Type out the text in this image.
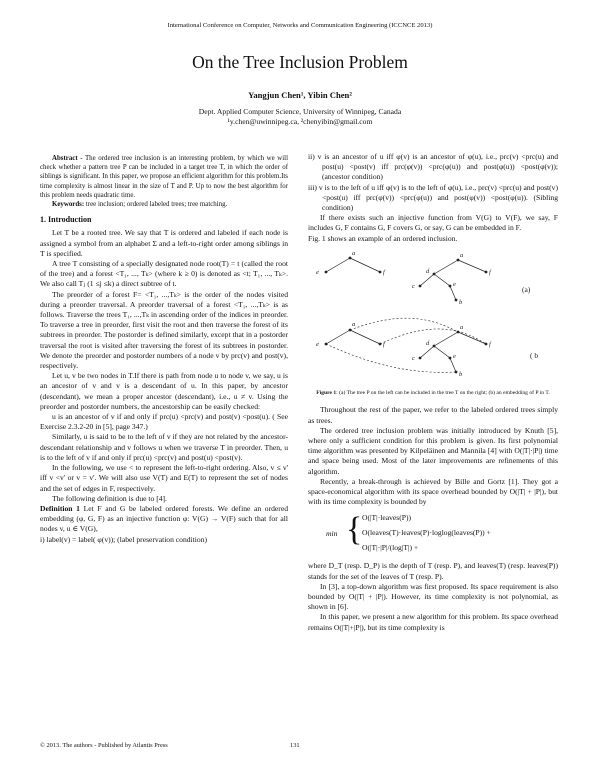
International Conference on Computer, Networks and Communication Engineering (ICCNCE 2013)
On the Tree Inclusion Problem
Yangjun Chen¹, Yibin Chen²
Dept. Applied Computer Science, University of Winnipeg, Canada
¹y.chen@uwinnipeg.ca, ²chenyibin@gmail.com

Abstract - The ordered tree inclusion is an interesting problem, by which we will check whether a pattern tree P can be included in a target tree T, in which the order of siblings is significant. In this paper, we propose an efficient algorithm for this problem.Its time complexity is almost linear in the size of T and P. Up to now the best algorithm for this problem needs quadratic time.

Keywords: tree inclusion; ordered labeled trees; tree matching.

1. Introduction

Let T be a rooted tree. We say that T is ordered and labeled if each node is assigned a symbol from an alphabet Σ and a left-to-right order among siblings in T is specified.

A tree T consisting of a specially designated node root(T) = t (called the root of the tree) and a forest <T₁, ..., Tₖ> (where k ≥ 0) is denoted as <t; T₁, ..., Tₖ>. We also call Tⱼ (1 ≤j ≤k) a direct subtree of t.

The preorder of a forest F= <T₁, ...,Tₖ> is the order of the nodes visited during a preorder traversal. A preorder traversal of a forest <T₁, ...,Tₖ> is as follows. Traverse the trees T₁, ...,Tₖ in ascending order of the indices in preorder. To traverse a tree in preorder, first visit the root and then traverse the forest of its subtrees in preorder. The postorder is defined similarly, except that in a postorder traversal the root is visited after traversing the forest of its subtrees in postorder. We denote the preorder and postorder numbers of a node v by prc(v) and post(v), respectively.

Let u, v be two nodes in T.If there is path from node u to node v, we say, u is an ancestor of v and v is a descendant of u. In this paper, by ancestor (descendant), we mean a proper ancestor (descendant), i.e., u ≠ v. Using the preorder and postorder numbers, the ancestorship can be easily checked:

u is an ancestor of v if and only if prc(u) <prc(v) and post(v) <post(u). ( See Exercise 2.3.2-20 in [5], page 347.)

Similarly, u is said to be to the left of v if they are not related by the ancestor-descendant relationship and v follows u when we traverse T in preorder. Then, u is to the left of v if and only if prc(u) <prc(v) and post(u) <post(v).

In the following, we use < to represent the left-to-right ordering. Also, v ≤ v' iff v <v' or v = v'. We will also use V(T) and E(T) to represent the set of nodes and the set of edges in F, respectively.

The following definition is due to [4].

Definition 1 Let F and G be labeled ordered forests. We define an ordered embedding (φ, G, F) as an injective function φ: V(G) → V(F) such that for all nodes v, u ∈ V(G),

i) label(v) = label( φ(v)); (label preservation condition)

ii) v is an ancestor of u iff φ(v) is an ancestor of φ(u), i.e., prc(v) <prc(u) and post(u) <post(v) iff prc(φ(v)) <prc(φ(u)) and post(φ(u)) <post(φ(v)); (ancestor condition)

iii) v is to the left of u iff φ(v) is to the left of φ(u), i.e., prc(v) <prc(u) and post(v) <post(u) iff prc(φ(v)) <prc(φ(u)) and post(φ(v)) <post(φ(u)). (Sibling condition)

If there exists such an injective function from V(G) to V(F), we say, F includes G, F contains G, F covers G, or say, G can be embedded in F.

Fig. 1 shows an example of an ordered inclusion.

a
e	f
a
d
c
f
e
b
a
e	f
a
d
c
f
e
b
(a)
( b
Figure 1: (a) The tree P on the left can be included in the tree T on the right; (b) an embedding of P in T.

Throughout the rest of the paper, we refer to the labeled ordered trees simply as trees.

The ordered tree inclusion problem was initially introduced by Knuth [5], where only a sufficient condition for this problem is given. Its first polynomial time algorithm was presented by Kilpeläinen and Mannila [4] with O(|T|·|P|) time and space being used. Most of the later improvements are refinements of this algorithm.

Recently, a break-through is achieved by Bille and Gortz [1]. They got a space-economical algorithm with its space overhead bounded by O(|T| + |P|), but with its time complexity is bounded by

min { O(|T|·leaves(P))
O(leaves(T)·leaves(P)·loglog(leaves(P)) +
O(|T|·|P|/(log|T|) +

where D_T (resp. D_P) is the depth of T (resp. P), and leaves(T) (resp. leaves(P)) stands for the set of the leaves of T (resp. P).

In [3], a top-down algorithm was first proposed. Its space requirement is also bounded by O(|T| + |P|). However, its time complexity is not polynomial, as shown in [6].

In this paper, we present a new algorithm for this problem. Its space overhead remains O(|T|+|P|), but its time complexity is

© 2013. The authors - Published by Atlantis Press	131
